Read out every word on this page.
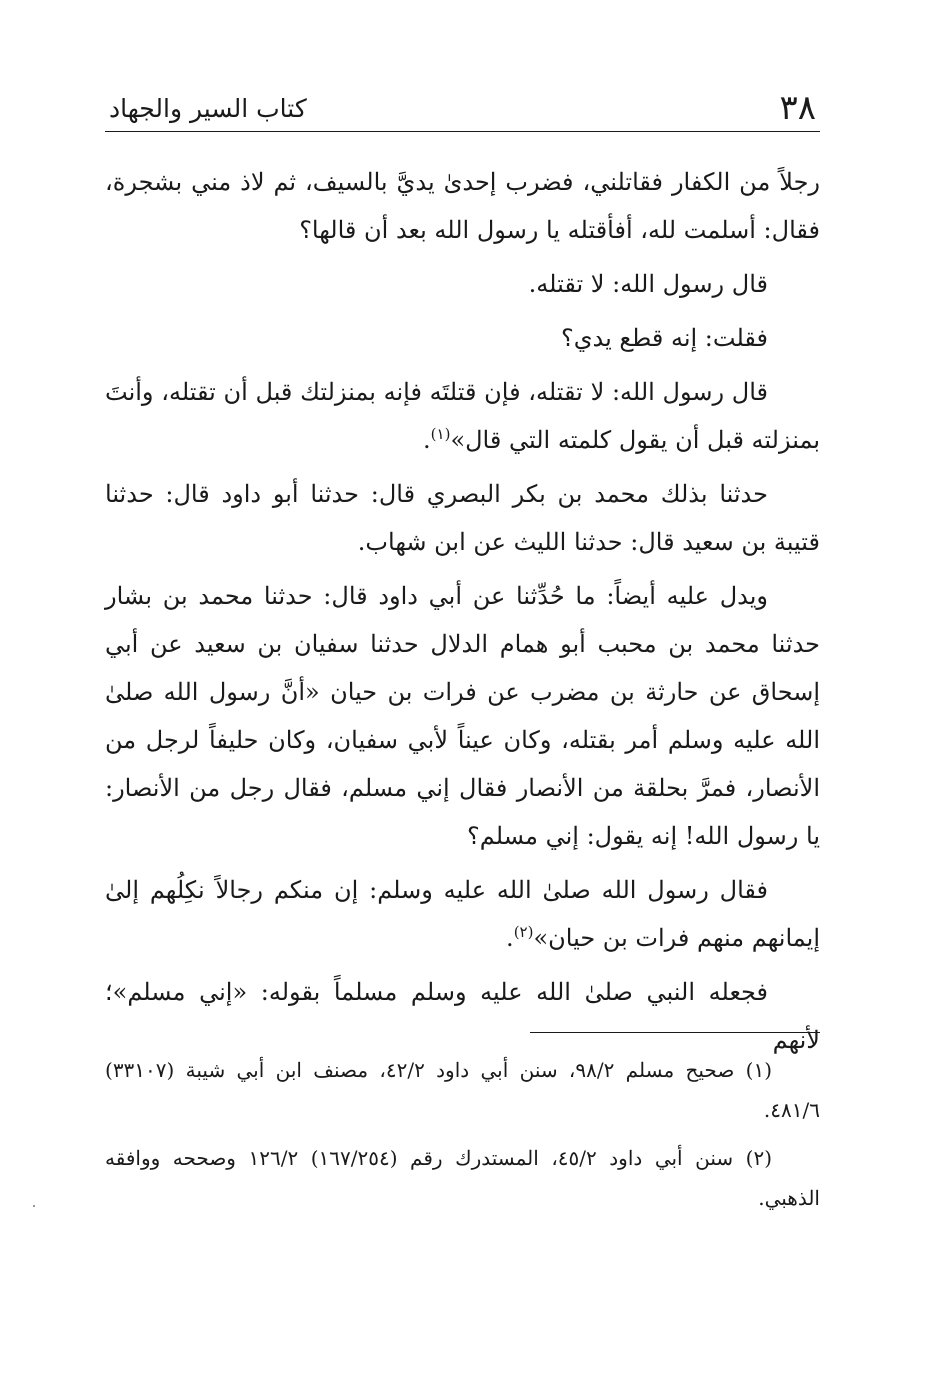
٣٨
كتاب السير والجهاد

رجلاً من الكفار فقاتلني، فضرب إحدىٰ يديَّ بالسيف، ثم لاذ مني بشجرة، فقال: أسلمت لله، أفأقتله يا رسول الله بعد أن قالها؟

قال رسول الله: لا تقتله.

فقلت: إنه قطع يدي؟

قال رسول الله: لا تقتله، فإن قتلتَه فإنه بمنزلتك قبل أن تقتله، وأنتَ بمنزلته قبل أن يقول كلمته التي قال»$^{(١)}$.

حدثنا بذلك محمد بن بكر البصري قال: حدثنا أبو داود قال: حدثنا قتيبة بن سعيد قال: حدثنا الليث عن ابن شهاب.

ويدل عليه أيضاً: ما حُدِّثنا عن أبي داود قال: حدثنا محمد بن بشار حدثنا محمد بن محبب أبو همام الدلال حدثنا سفيان بن سعيد عن أبي إسحاق عن حارثة بن مضرب عن فرات بن حيان «أنَّ رسول الله صلىٰ الله عليه وسلم أمر بقتله، وكان عيناً لأبي سفيان، وكان حليفاً لرجل من الأنصار، فمرَّ بحلقة من الأنصار فقال إني مسلم، فقال رجل من الأنصار: يا رسول الله! إنه يقول: إني مسلم؟

فقال رسول الله صلىٰ الله عليه وسلم: إن منكم رجالاً نكِلُهم إلىٰ إيمانهم منهم فرات بن حيان»$^{(٢)}$.

فجعله النبي صلىٰ الله عليه وسلم مسلماً بقوله: «إني مسلم»؛ لأنهم

(١) صحيح مسلم ٩٨/٢، سنن أبي داود ٤٢/٢، مصنف ابن أبي شيبة (٣٣١٠٧) ٤٨١/٦.

(٢) سنن أبي داود ٤٥/٢، المستدرك رقم (١٦٧/٢٥٤) ١٢٦/٢ وصححه ووافقه الذهبي.
